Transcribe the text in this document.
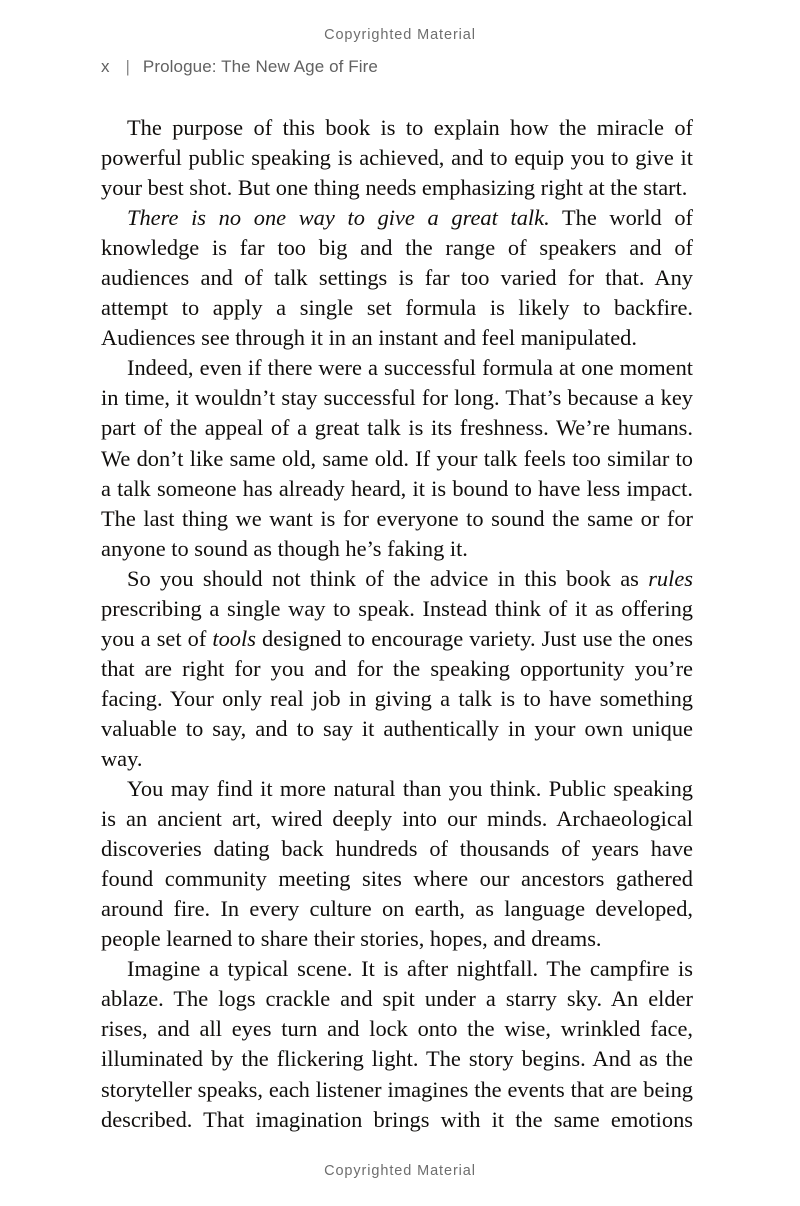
Copyrighted Material
x | Prologue: The New Age of Fire

The purpose of this book is to explain how the miracle of powerful public speaking is achieved, and to equip you to give it your best shot. But one thing needs emphasizing right at the start.

There is no one way to give a great talk. The world of knowledge is far too big and the range of speakers and of audiences and of talk settings is far too varied for that. Any attempt to apply a single set formula is likely to backfire. Audiences see through it in an instant and feel manipulated.

Indeed, even if there were a successful formula at one moment in time, it wouldn’t stay successful for long. That’s because a key part of the appeal of a great talk is its freshness. We’re humans. We don’t like same old, same old. If your talk feels too similar to a talk someone has already heard, it is bound to have less impact. The last thing we want is for everyone to sound the same or for anyone to sound as though he’s faking it.

So you should not think of the advice in this book as rules prescribing a single way to speak. Instead think of it as offering you a set of tools designed to encourage variety. Just use the ones that are right for you and for the speaking opportunity you’re facing. Your only real job in giving a talk is to have something valuable to say, and to say it authentically in your own unique way.

You may find it more natural than you think. Public speaking is an ancient art, wired deeply into our minds. Archaeological discoveries dating back hundreds of thousands of years have found community meeting sites where our ancestors gathered around fire. In every culture on earth, as language developed, people learned to share their stories, hopes, and dreams.

Imagine a typical scene. It is after nightfall. The campfire is ablaze. The logs crackle and spit under a starry sky. An elder rises, and all eyes turn and lock onto the wise, wrinkled face, illuminated by the flickering light. The story begins. And as the storyteller speaks, each listener imagines the events that are being described. That imagination brings with it the same emotions

Copyrighted Material
